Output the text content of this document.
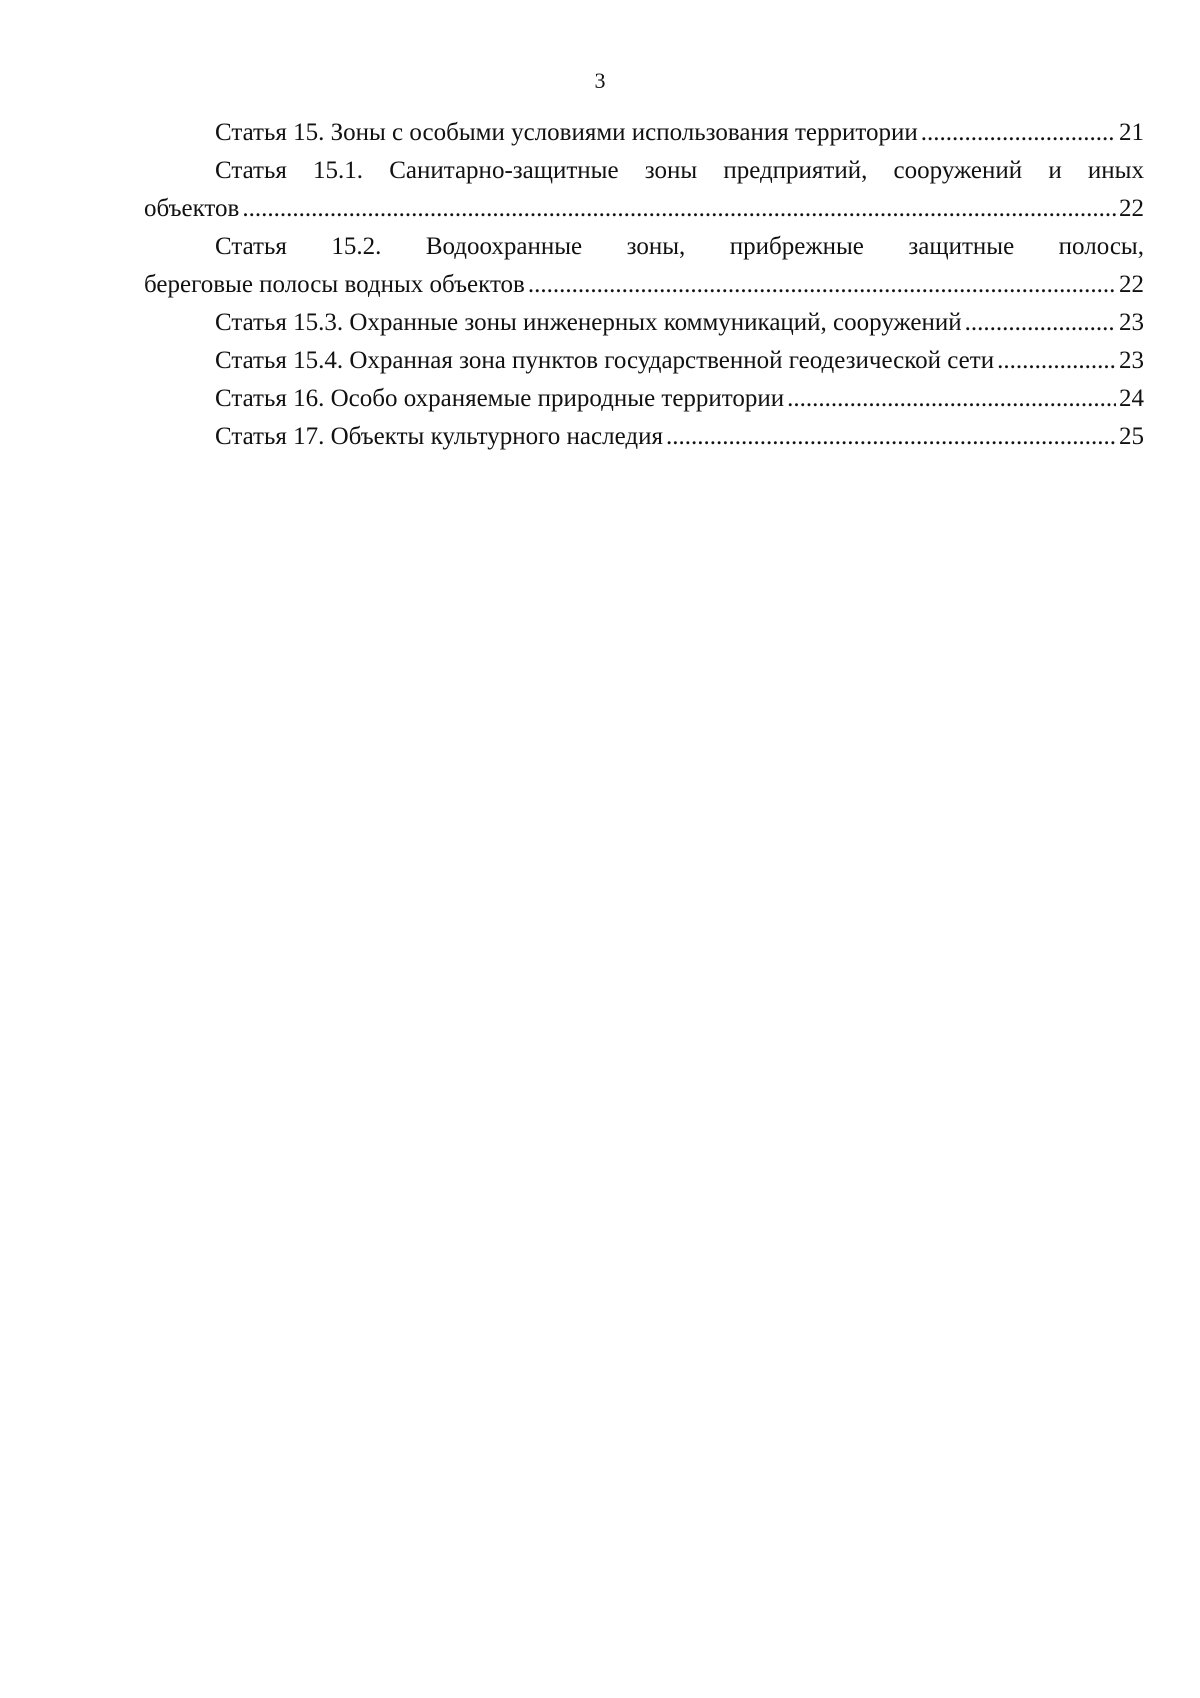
3
Статья 15. Зоны с особыми условиями использования территории .....	21
Статья 15.1. Санитарно-защитные зоны предприятий, сооружений и иных
объектов .....	22
Статья 15.2. Водоохранные зоны, прибрежные защитные полосы,
береговые полосы водных объектов .....	22
Статья 15.3. Охранные зоны инженерных коммуникаций, сооружений .....	23
Статья 15.4. Охранная зона пунктов государственной геодезической сети .....	23
Статья 16. Особо охраняемые природные территории .....	24
Статья 17. Объекты культурного наследия .....	25
